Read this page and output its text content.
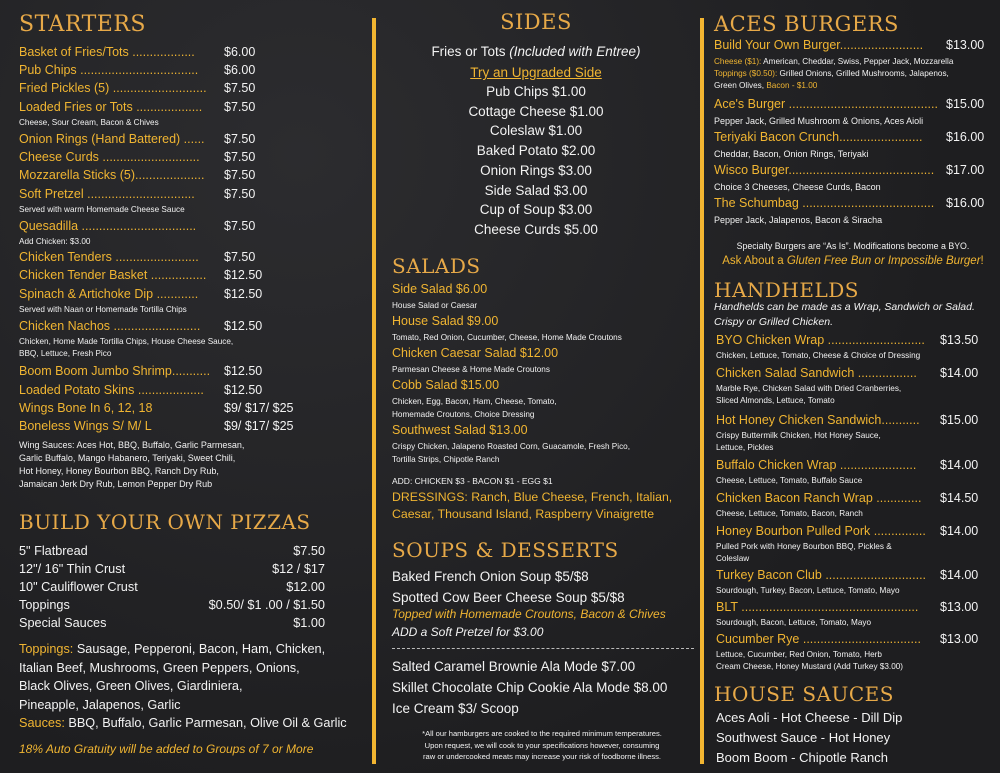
STARTERS
Basket of Fries/Tots .................. $6.00
Pub Chips .................................. $6.00
Fried Pickles (5) ........................... $7.50
Loaded Fries or Tots ................... $7.50
Cheese, Sour Cream, Bacon & Chives
Onion Rings (Hand Battered) ...... $7.50
Cheese Curds ............................ $7.50
Mozzarella Sticks (5).................... $7.50
Soft Pretzel ............................... $7.50
Served with warm Homemade Cheese Sauce
Quesadilla ................................. $7.50
Add Chicken: $3.00
Chicken Tenders ........................ $7.50
Chicken Tender Basket ................ $12.50
Spinach & Artichoke Dip ............ $12.50
Served with Naan or Homemade Tortilla Chips
Chicken Nachos ......................... $12.50
Chicken, Home Made Tortilla Chips, House Cheese Sauce,
BBQ, Lettuce, Fresh Pico
Boom Boom Jumbo Shrimp........... $12.50
Loaded Potato Skins ................... $12.50
Wings Bone In 6, 12, 18	$9/ $17/ $25
Boneless Wings S/ M/ L	$9/ $17/ $25
Wing Sauces: Aces Hot, BBQ, Buffalo, Garlic Parmesan,
Garlic Buffalo, Mango Habanero, Teriyaki, Sweet Chili,
Hot Honey, Honey Bourbon BBQ, Ranch Dry Rub,
Jamaican Jerk Dry Rub, Lemon Pepper Dry Rub
BUILD YOUR OWN PIZZAS
5" Flatbread	$7.50
12"/ 16" Thin Crust	$12 / $17
10" Cauliflower Crust	$12.00
Toppings	$0.50/ $1 .00 / $1.50
Special Sauces	$1.00
Toppings: Sausage, Pepperoni, Bacon, Ham, Chicken,
Italian Beef, Mushrooms, Green Peppers, Onions,
Black Olives, Green Olives, Giardiniera,
Pineapple, Jalapenos, Garlic
Sauces: BBQ, Buffalo, Garlic Parmesan, Olive Oil & Garlic
18% Auto Gratuity will be added to Groups of 7 or More
SIDES
Fries or Tots (Included with Entree)
Try an Upgraded Side
Pub Chips $1.00
Cottage Cheese $1.00
Coleslaw $1.00
Baked Potato $2.00
Onion Rings $3.00
Side Salad $3.00
Cup of Soup $3.00
Cheese Curds $5.00
SALADS
Side Salad $6.00
House Salad or Caesar
House Salad $9.00
Tomato, Red Onion, Cucumber, Cheese, Home Made Croutons
Chicken Caesar Salad $12.00
Parmesan Cheese & Home Made Croutons
Cobb Salad $15.00
Chicken, Egg, Bacon, Ham, Cheese, Tomato,
Homemade Croutons, Choice Dressing
Southwest Salad $13.00
Crispy Chicken, Jalapeno Roasted Corn, Guacamole, Fresh Pico,
Tortilla Strips, Chipotle Ranch
ADD: CHICKEN $3 - BACON $1 - EGG $1
DRESSINGS: Ranch, Blue Cheese, French, Italian,
Caesar, Thousand Island, Raspberry Vinaigrette
SOUPS & DESSERTS
Baked French Onion Soup $5/$8
Spotted Cow Beer Cheese Soup $5/$8
Topped with Homemade Croutons, Bacon & Chives
ADD a Soft Pretzel for $3.00
Salted Caramel Brownie Ala Mode $7.00
Skillet Chocolate Chip Cookie Ala Mode $8.00
Ice Cream $3/ Scoop
*All our hamburgers are cooked to the required minimum temperatures.
Upon request, we will cook to your specifications however, consuming
raw or undercooked meats may increase your risk of foodborne illness.
ACES BURGERS
Build Your Own Burger........................ $13.00
Cheese ($1): American, Cheddar, Swiss, Pepper Jack, Mozzarella
Toppings ($0.50): Grilled Onions, Grilled Mushrooms, Jalapenos,
Green Olives, Bacon - $1.00
Ace's Burger ........................................... $15.00
Pepper Jack, Grilled Mushroom & Onions, Aces Aioli
Teriyaki Bacon Crunch........................ $16.00
Cheddar, Bacon, Onion Rings, Teriyaki
Wisco Burger.......................................... $17.00
Choice 3 Cheeses, Cheese Curds, Bacon
The Schumbag ...................................... $16.00
Pepper Jack, Jalapenos, Bacon & Siracha
Specialty Burgers are “As Is”. Modifications become a BYO.
Ask About a Gluten Free Bun or Impossible Burger!
HANDHELDS
Handhelds can be made as a Wrap, Sandwich or Salad.
Crispy or Grilled Chicken.
BYO Chicken Wrap ............................ $13.50
Chicken, Lettuce, Tomato, Cheese & Choice of Dressing
Chicken Salad Sandwich ................. $14.00
Marble Rye, Chicken Salad with Dried Cranberries,
Sliced Almonds, Lettuce, Tomato
Hot Honey Chicken Sandwich........... $15.00
Crispy Buttermilk Chicken, Hot Honey Sauce,
Lettuce, Pickles
Buffalo Chicken Wrap ...................... $14.00
Cheese, Lettuce, Tomato, Buffalo Sauce
Chicken Bacon Ranch Wrap ............. $14.50
Cheese, Lettuce, Tomato, Bacon, Ranch
Honey Bourbon Pulled Pork ............... $14.00
Pulled Pork with Honey Bourbon BBQ, Pickles &
Coleslaw
Turkey Bacon Club ............................. $14.00
Sourdough, Turkey, Bacon, Lettuce, Tomato, Mayo
BLT ................................................... $13.00
Sourdough, Bacon, Lettuce, Tomato, Mayo
Cucumber Rye .................................. $13.00
Lettuce, Cucumber, Red Onion, Tomato, Herb
Cream Cheese, Honey Mustard (Add Turkey $3.00)
HOUSE SAUCES
Aces Aoli - Hot Cheese - Dill Dip
Southwest Sauce - Hot Honey
Boom Boom - Chipotle Ranch
